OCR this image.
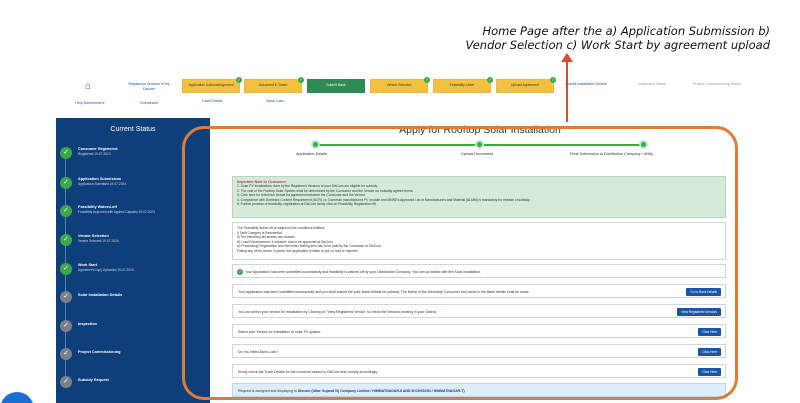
Home Page after the a) Application Submission b)
Vendor Selection c) Work Start by agreement upload
⌂
Help Documents ▾
Registered Vendors of My Discom
Grievances	Track Details	Bank Loan
Application Acknowledgement
✓
Document E-Token
✓
Submit Bank	Vendor Selected
✓
Feasibility Letter
✓
Upload Agreement
✓
Submit Installation Details	Inspection Status	Project Commissioning Status
Current Status
✓	Consumer Registered
Registered 19-07-2024
✓	Application Submission
Application Submitted 19-07-2024
✓	Feasibility Waived-off
Feasibility Approved with Applied Capacity 19-07-2024
✓	Vendor Selection
Vendor Selected 19-07-2024
✓	Work Start
Agreement Copy Uploaded 19-07-2024
✓	Solar Installation Details
✓	Inspection
✓	Project Commissioning
✓	Subsidy Request
Apply for Rooftop Solar Installation
Application Details	Upload Documents	Final Submission to Distribution Company / Utility
Important Note to Consumer:
1. Solar PV installations done by the Registered Vendors of your DisCom are eligible for subsidy.
2. The cost of the Rooftop Solar System shall be determined by the Consumer and the Vendor on mutually agreed terms.
3. Click here for reference format for agreement between the Consumer and the Vendor.
4. Compliance with Domestic Content Requirement (DCR) i.e. Domestic manufactured PV module and MNRE's Approved List of Manufacturers and Material (ALMM) is mandatory for release of subsidy.
5. Further process of feasibility, registration at DisCom kindly click on Feasibility Registration Kit
The Feasibility Waive-off is subject to the conditions fulfilled:
i) Tariff Category is Residential.
ii) The electricity bill arrears are cleared.
iii) Load Enhancement, if required, has to be approved at DisCom.
iv) Processing/ Registration and Net meter testing fees has to be paid by the Consumer to DisCom.
Failing any of the above 4 points, this application is liable to put on hold or rejected.
✓ Your Application has been submitted successfully and feasibility is waived off by your Distribution Company. You can go ahead with the Solar installation.
Your application has been submitted successfully and you shall submit the your Bank Details for subsidy. The Name of the Electricity Consumer and name in the Bank details shall be same.	Go to Bank Details
You can select your vendor for installation by Clicking on "View Registered Vendor" to check the Vendors working in your District.	View Registered Vendors
Select your Vendor for installation of solar PV system.	Click Here
Do You Need Bank Loan?	Click Here
Kindly check the Track Details for the comment raised by DisCom and comply accordingly.	Click Here
Request is assigned and displaying to Discom (Uttar Gujarat Vij Company Limited / HIMMATNAGAR-II AND M DIVISION / HIMMATNAGAR-T)
